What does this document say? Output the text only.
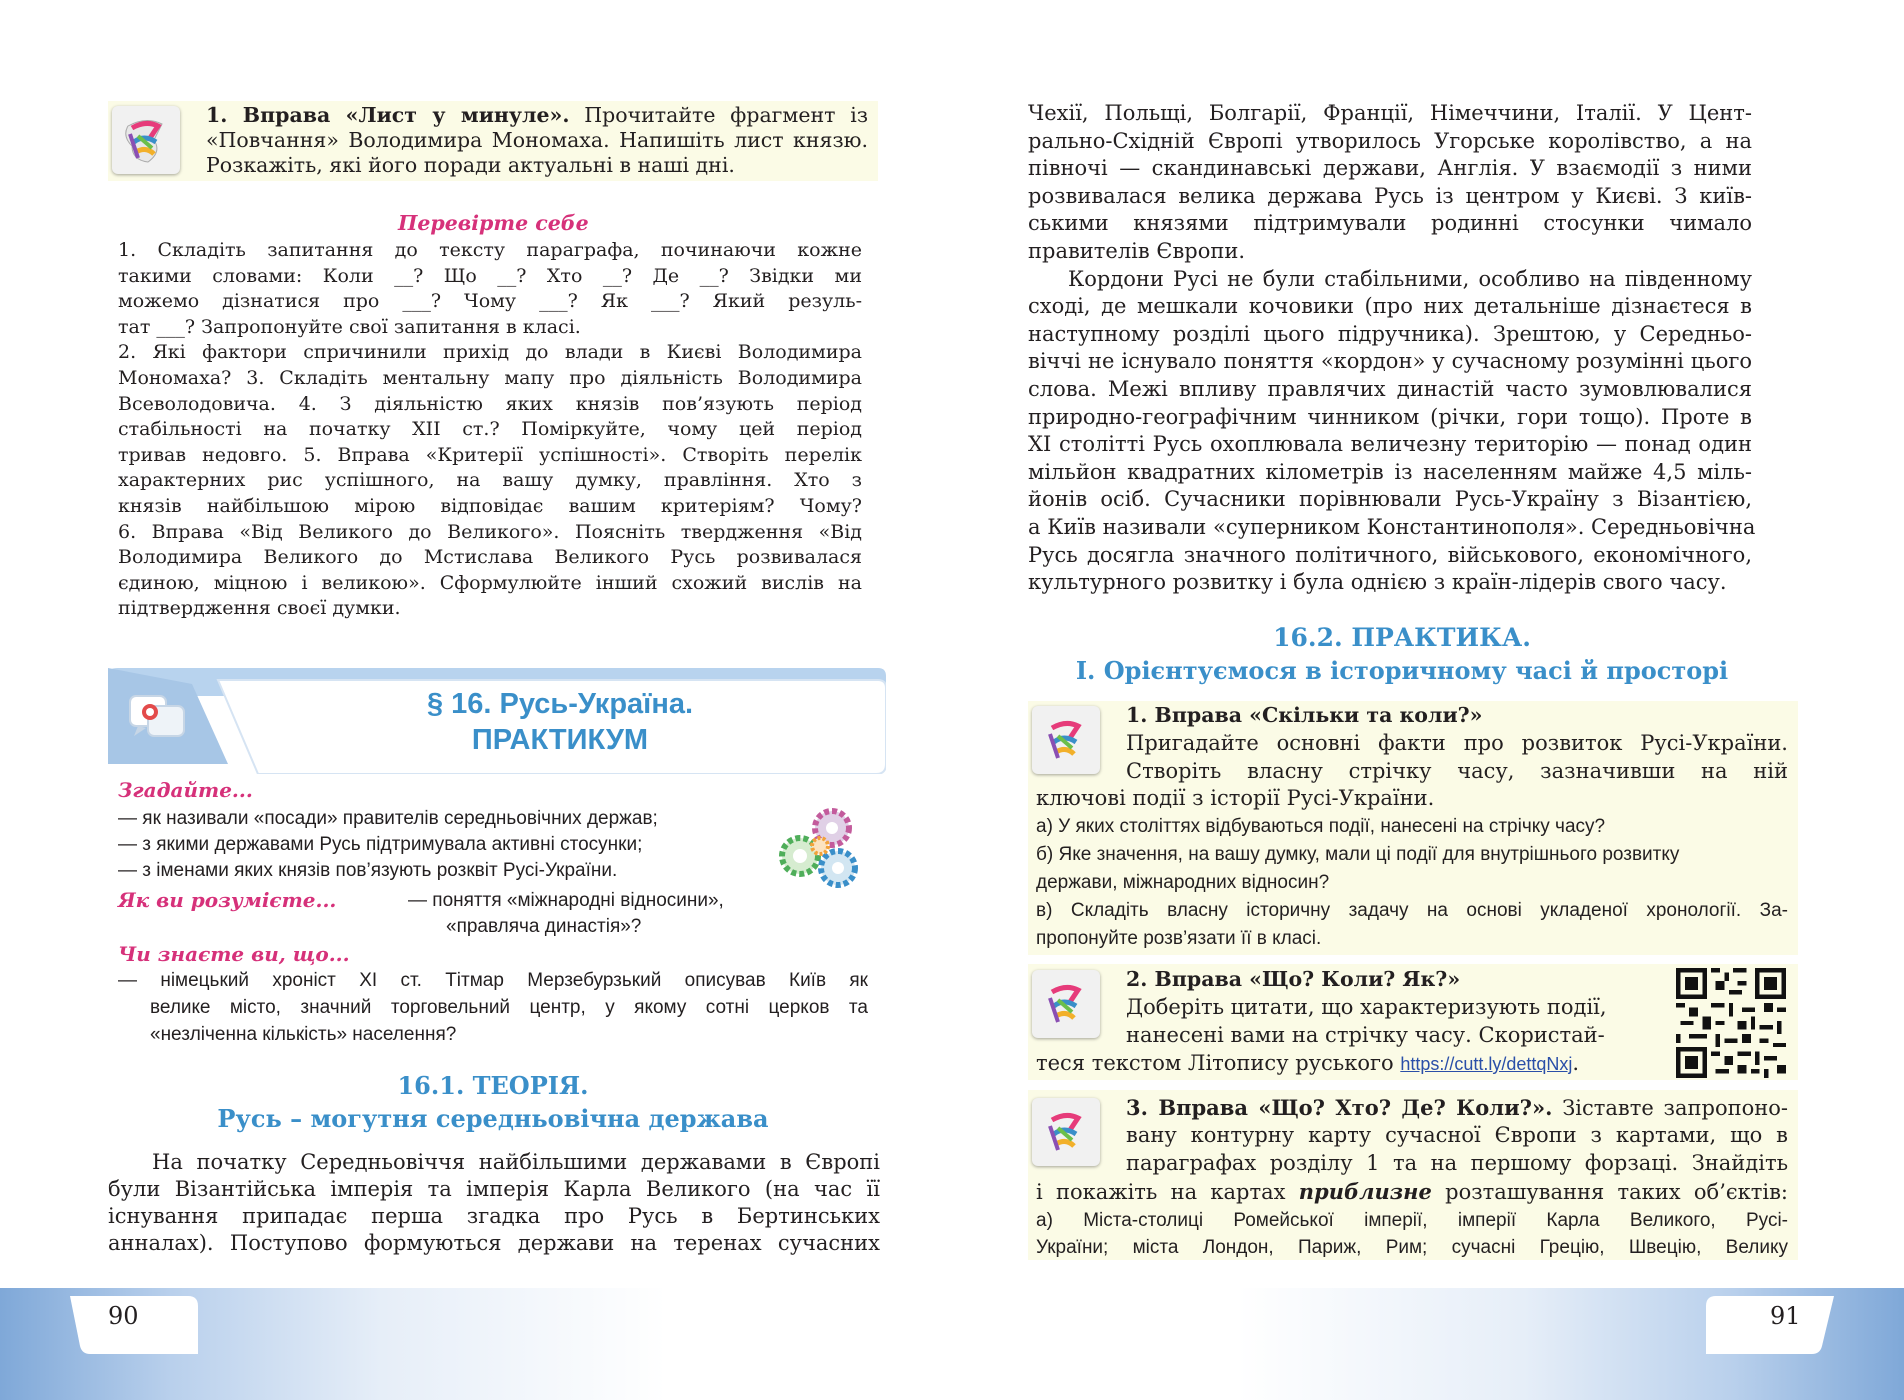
1. Вправа «Лист у минуле». Прочитайте фрагмент із
«Повчання» Володимира Мономаха. Напишіть лист князю.
Розкажіть, які його поради актуальні в наші дні.
Перевірте себе
1. Складіть запитання до тексту параграфа, починаючи кожне
такими словами: Коли __? Що __? Хто __? Де __? Звідки ми
можемо дізнатися про ___? Чому ___? Як ___? Який резуль-
тат ___? Запропонуйте свої запитання в класі.
2. Які фактори спричинили прихід до влади в Києві Володимира
Мономаха? 3. Складіть ментальну мапу про діяльність Володимира
Всеволодовича. 4. З діяльністю яких князів пов’язують період
стабільності на початку ХІІ ст.? Поміркуйте, чому цей період
тривав недовго. 5. Вправа «Критерії успішності». Створіть перелік
характерних рис успішного, на вашу думку, правління. Хто з
князів найбільшою мірою відповідає вашим критеріям? Чому?
6. Вправа «Від Великого до Великого». Поясніть твердження «Від
Володимира Великого до Мстислава Великого Русь розвивалася
єдиною, міцною і великою». Сформулюйте інший схожий вислів на
підтвердження своєї думки.
§ 16. Русь-Україна.
ПРАКТИКУМ
Згадайте...
— як називали «посади» правителів середньовічних держав;
— з якими державами Русь підтримувала активні стосунки;
— з іменами яких князів пов’язують розквіт Русі-України.
Як ви розумієте...	— поняття «міжнародні відносини»,
«правляча династія»?
Чи знаєте ви, що...
— німецький хроніст ХІ ст. Тітмар Мерзебурзький описував Київ як
великe місто, значний торговельний центр, у якому сотні церков та
«незліченна кількість» населення?
16.1. ТЕОРІЯ.
Русь – могутня середньовічна держава
На початку Середньовіччя найбільшими державами в Європі
були Візантійська імперія та імперія Карла Великого (на час її
існування припадає перша згадка про Русь в Бертинських
анналах). Поступово формуються держави на теренах сучасних
90
Чехії, Польщі, Болгарії, Франції, Німеччини, Італії. У Цент-
рально-Східній Європі утворилось Угорське королівство, а на
півночі — скандинавські держави, Англія. У взаємодії з ними
розвивалася велика держава Русь із центром у Києві. З київ-
ськими князями підтримували родинні стосунки чимало
правителів Європи.
Кордони Русі не були стабільними, особливо на південному
сході, де мешкали кочовики (про них детальніше дізнаєтеся в
наступному розділі цього підручника). Зрештою, у Середньо-
віччі не існувало поняття «кордон» у сучасному розумінні цього
слова. Межі впливу правлячих династій часто зумовлювалися
природно-географічним чинником (річки, гори тощо). Проте в
ХІ столітті Русь охоплювала величезну територію — понад один
мільйон квадратних кілометрів із населенням майже 4,5 міль-
йонів осіб. Сучасники порівнювали Русь-Україну з Візантією,
а Київ називали «суперником Константинополя». Середньовічна
Русь досягла значного політичного, військового, економічного,
культурного розвитку і була однією з країн-лідерів свого часу.
16.2. ПРАКТИКА.
І. Орієнтуємося в історичному часі й просторі
1. Вправа «Скільки та коли?»
Пригадайте основні факти про розвиток Русі-України.
Створіть власну стрічку часу, зазначивши на ній
ключові події з історії Русі-України.
а) У яких століттях відбуваються події, нанесені на стрічку часу?
б) Яке значення, на вашу думку, мали ці події для внутрішнього розвитку
держави, міжнародних відносин?
в) Складіть власну історичну задачу на основі укладеної хронології. За-
пропонуйте розв’язати її в класі.
2. Вправа «Що? Коли? Як?»
Доберіть цитати, що характеризують події,
нанесені вами на стрічку часу. Скористай-
теся текстом Літопису руського https://cutt.ly/dettqNxj.
3. Вправа «Що? Хто? Де? Коли?». Зіставте запропоно-
вану контурну карту сучасної Європи з картами, що в
параграфах розділу 1 та на першому форзаці. Знайдіть
і покажіть на картах приблизне розташування таких об’єктів:
а) Міста-столиці Ромейської імперії, імперії Карла Великого, Русі-
України; міста Лондон, Париж, Рим; сучасні Грецію, Швецію, Велику
91
